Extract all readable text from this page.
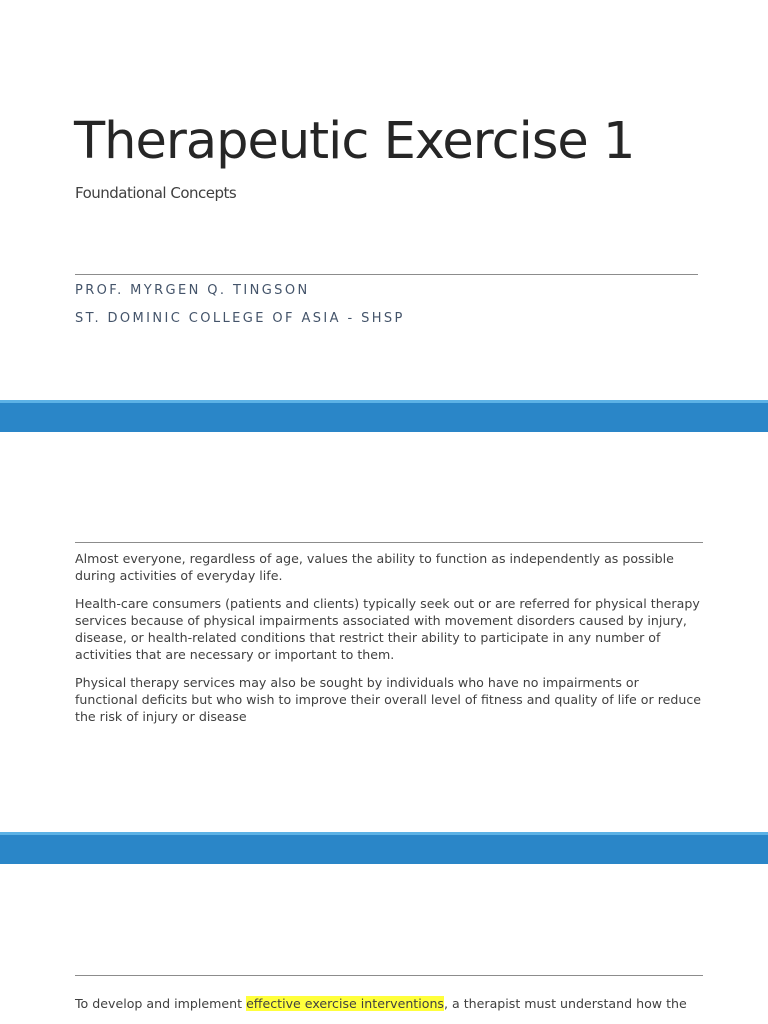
Therapeutic Exercise 1

Foundational Concepts

PROF. MYRGEN Q. TINGSON

ST. DOMINIC COLLEGE OF ASIA - SHSP

Almost everyone, regardless of age, values the ability to function as independently as possible during activities of everyday life.

Health-care consumers (patients and clients) typically seek out or are referred for physical therapy services because of physical impairments associated with movement disorders caused by injury, disease, or health-related conditions that restrict their ability to participate in any number of activities that are necessary or important to them.

Physical therapy services may also be sought by individuals who have no impairments or functional deficits but who wish to improve their overall level of fitness and quality of life or reduce the risk of injury or disease

To develop and implement effective exercise interventions, a therapist must understand how the
